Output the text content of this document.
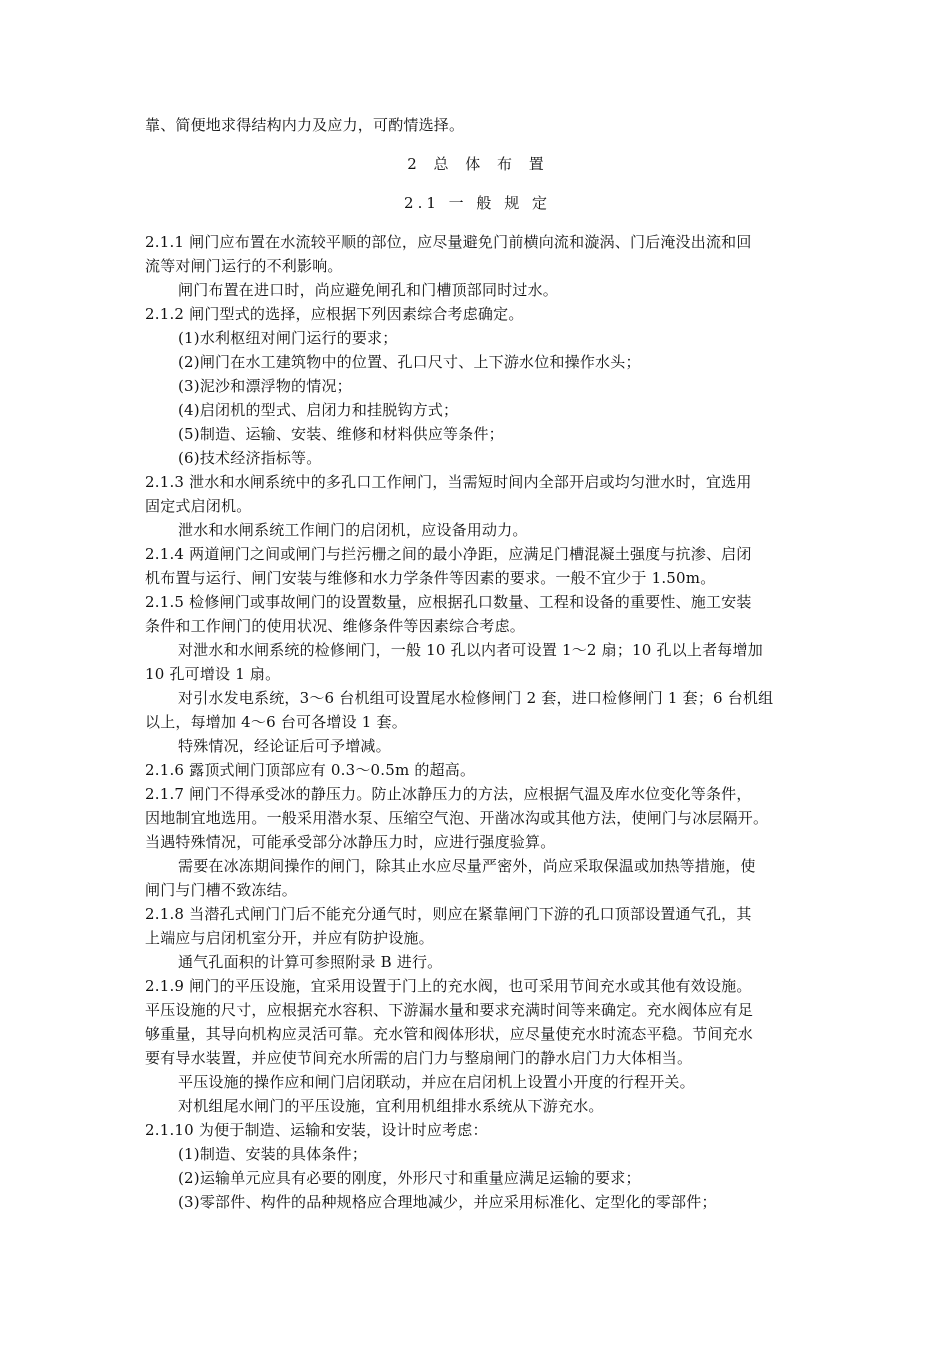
靠、简便地求得结构内力及应力，可酌情选择。

2 总 体 布 置

2.1 一 般 规 定

2.1.1 闸门应布置在水流较平顺的部位，应尽量避免门前横向流和漩涡、门后淹没出流和回

流等对闸门运行的不利影响。

闸门布置在进口时，尚应避免闸孔和门槽顶部同时过水。

2.1.2 闸门型式的选择，应根据下列因素综合考虑确定。

(1)水利枢纽对闸门运行的要求；

(2)闸门在水工建筑物中的位置、孔口尺寸、上下游水位和操作水头；

(3)泥沙和漂浮物的情况；

(4)启闭机的型式、启闭力和挂脱钩方式；

(5)制造、运输、安装、维修和材料供应等条件；

(6)技术经济指标等。

2.1.3 泄水和水闸系统中的多孔口工作闸门，当需短时间内全部开启或均匀泄水时，宜选用

固定式启闭机。

泄水和水闸系统工作闸门的启闭机，应设备用动力。

2.1.4 两道闸门之间或闸门与拦污栅之间的最小净距，应满足门槽混凝土强度与抗渗、启闭

机布置与运行、闸门安装与维修和水力学条件等因素的要求。一般不宜少于 1.50m。

2.1.5 检修闸门或事故闸门的设置数量，应根据孔口数量、工程和设备的重要性、施工安装

条件和工作闸门的使用状况、维修条件等因素综合考虑。

对泄水和水闸系统的检修闸门，一般 10 孔以内者可设置 1～2 扇；10 孔以上者每增加

10 孔可增设 1 扇。

对引水发电系统，3～6 台机组可设置尾水检修闸门 2 套，进口检修闸门 1 套；6 台机组

以上，每增加 4～6 台可各增设 1 套。

特殊情况，经论证后可予增减。

2.1.6 露顶式闸门顶部应有 0.3～0.5m 的超高。

2.1.7 闸门不得承受冰的静压力。防止冰静压力的方法，应根据气温及库水位变化等条件，

因地制宜地选用。一般采用潜水泵、压缩空气泡、开凿冰沟或其他方法，使闸门与冰层隔开。

当遇特殊情况，可能承受部分冰静压力时，应进行强度验算。

需要在冰冻期间操作的闸门，除其止水应尽量严密外，尚应采取保温或加热等措施，使

闸门与门槽不致冻结。

2.1.8 当潜孔式闸门门后不能充分通气时，则应在紧靠闸门下游的孔口顶部设置通气孔，其

上端应与启闭机室分开，并应有防护设施。

通气孔面积的计算可参照附录 B 进行。

2.1.9 闸门的平压设施，宜采用设置于门上的充水阀，也可采用节间充水或其他有效设施。

平压设施的尺寸，应根据充水容积、下游漏水量和要求充满时间等来确定。充水阀体应有足

够重量，其导向机构应灵活可靠。充水管和阀体形状，应尽量使充水时流态平稳。节间充水

要有导水装置，并应使节间充水所需的启门力与整扇闸门的静水启门力大体相当。

平压设施的操作应和闸门启闭联动，并应在启闭机上设置小开度的行程开关。

对机组尾水闸门的平压设施，宜利用机组排水系统从下游充水。

2.1.10 为便于制造、运输和安装，设计时应考虑：

(1)制造、安装的具体条件；

(2)运输单元应具有必要的刚度，外形尺寸和重量应满足运输的要求；

(3)零部件、构件的品种规格应合理地减少，并应采用标准化、定型化的零部件；
